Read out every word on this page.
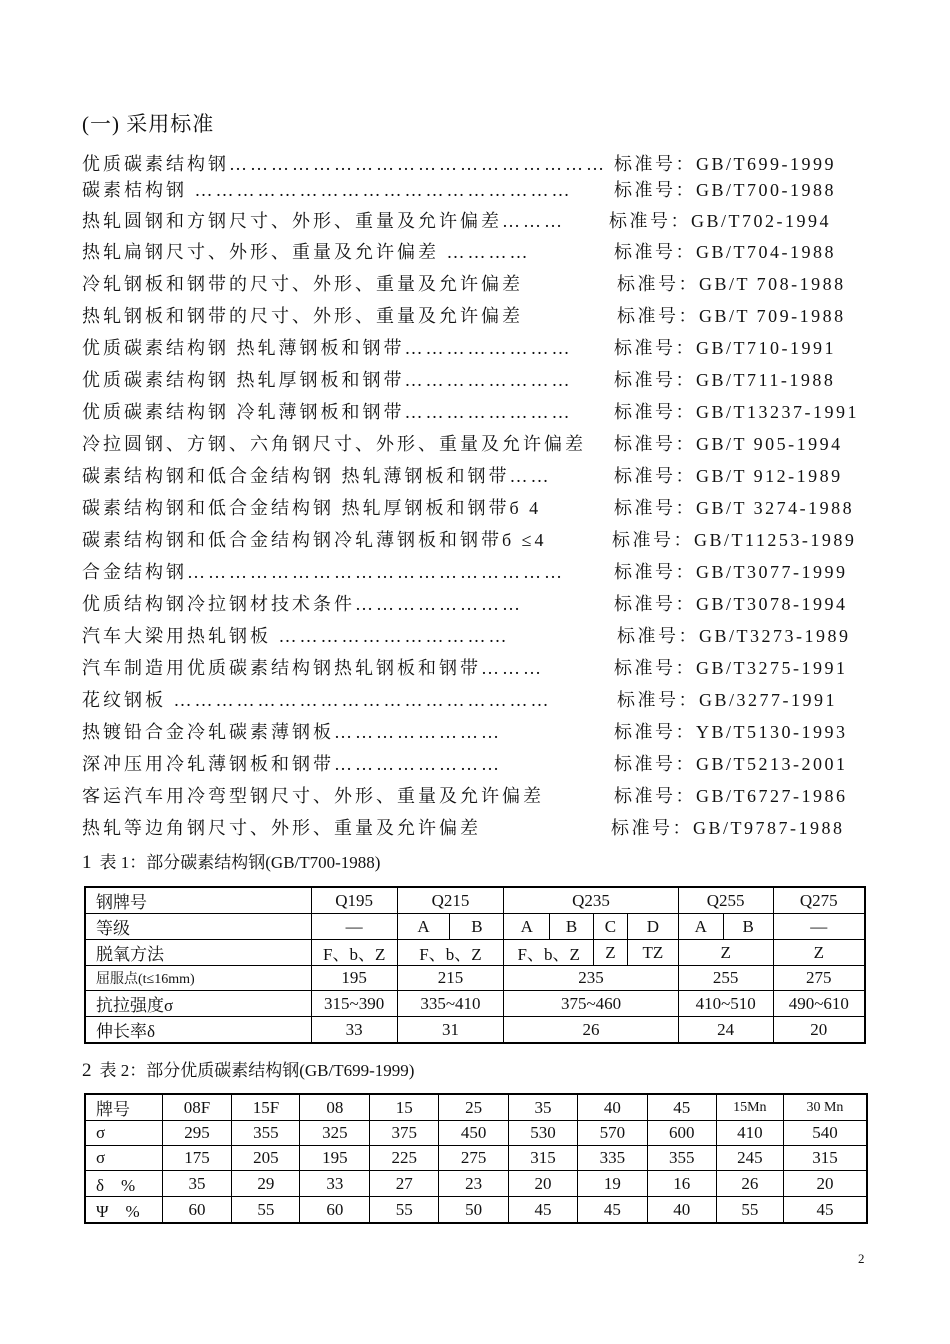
(一) 采用标准
优质碳素结构钢……………………………………………… 标准号：GB/T699-1999
碳素桔构钢 ……………………………………………… 标准号：GB/T700-1988
热轧圆钢和方钢尺寸、外形、重量及允许偏差……… 标准号：GB/T702-1994
热轧扁钢尺寸、外形、重量及允许偏差 …………	标准号：GB/T704-1988
冷轧钢板和钢带的尺寸、外形、重量及允许偏差	标准号：GB/T 708-1988
热轧钢板和钢带的尺寸、外形、重量及允许偏差	标准号：GB/T 709-1988
优质碳素结构钢 热轧薄钢板和钢带…………………… 标准号：GB/T710-1991
优质碳素结构钢 热轧厚钢板和钢带…………………… 标准号：GB/T711-1988
优质碳素结构钢 冷轧薄钢板和钢带…………………… 标准号：GB/T13237-1991
冷拉圆钢、方钢、六角钢尺寸、外形、重量及允许偏差 标准号：GB/T 905-1994
碳素结构钢和低合金结构钢 热轧薄钢板和钢带……	标准号：GB/T 912-1989
碳素结构钢和低合金结构钢 热轧厚钢板和钢带б 4	标准号：GB/T 3274-1988
碳素结构钢和低合金结构钢冷轧薄钢板和钢带б ≤4	标准号：GB/T11253-1989
合金结构钢………………………………………………	标准号：GB/T3077-1999
优质结构钢冷拉钢材技术条件……………………	标准号：GB/T3078-1994
汽车大梁用热轧钢板 ……………………………	标准号：GB/T3273-1989
汽车制造用优质碳素结构钢热轧钢板和钢带………	标准号：GB/T3275-1991
花纹钢板 ………………………………………………	标准号：GB/3277-1991
热镀铅合金冷轧碳素薄钢板……………………	标准号：YB/T5130-1993
深冲压用冷轧薄钢板和钢带……………………	标准号：GB/T5213-2001
客运汽车用冷弯型钢尺寸、外形、重量及允许偏差	标准号：GB/T6727-1986
热轧等边角钢尺寸、外形、重量及允许偏差	标准号：GB/T9787-1988
1 表 1：部分碳素结构钢(GB/T700-1988)
钢牌号	Q195	Q215		Q235				Q255		Q275
等级	—	A	B	A	B	C	D	A	B	—
脱氧方法	F、b、Z	F、b、Z		F、b、Z		Z	TZ	Z		Z
屈服点(t≤16mm)	195	215		235				255		275
抗拉强度σ	315~390	335~410		375~460				410~510		490~610
伸长率δ	33	31		26				24		20
2 表 2：部分优质碳素结构钢(GB/T699-1999)
牌号	08F	15F	08	15	25	35	40	45	15Mn	30 Mn
σ	295	355	325	375	450	530	570	600	410	540
σ	175	205	195	225	275	315	335	355	245	315
δ　%	35	29	33	27	23	20	19	16	26	20
Ψ　%	60	55	60	55	50	45	45	40	55	45
2
